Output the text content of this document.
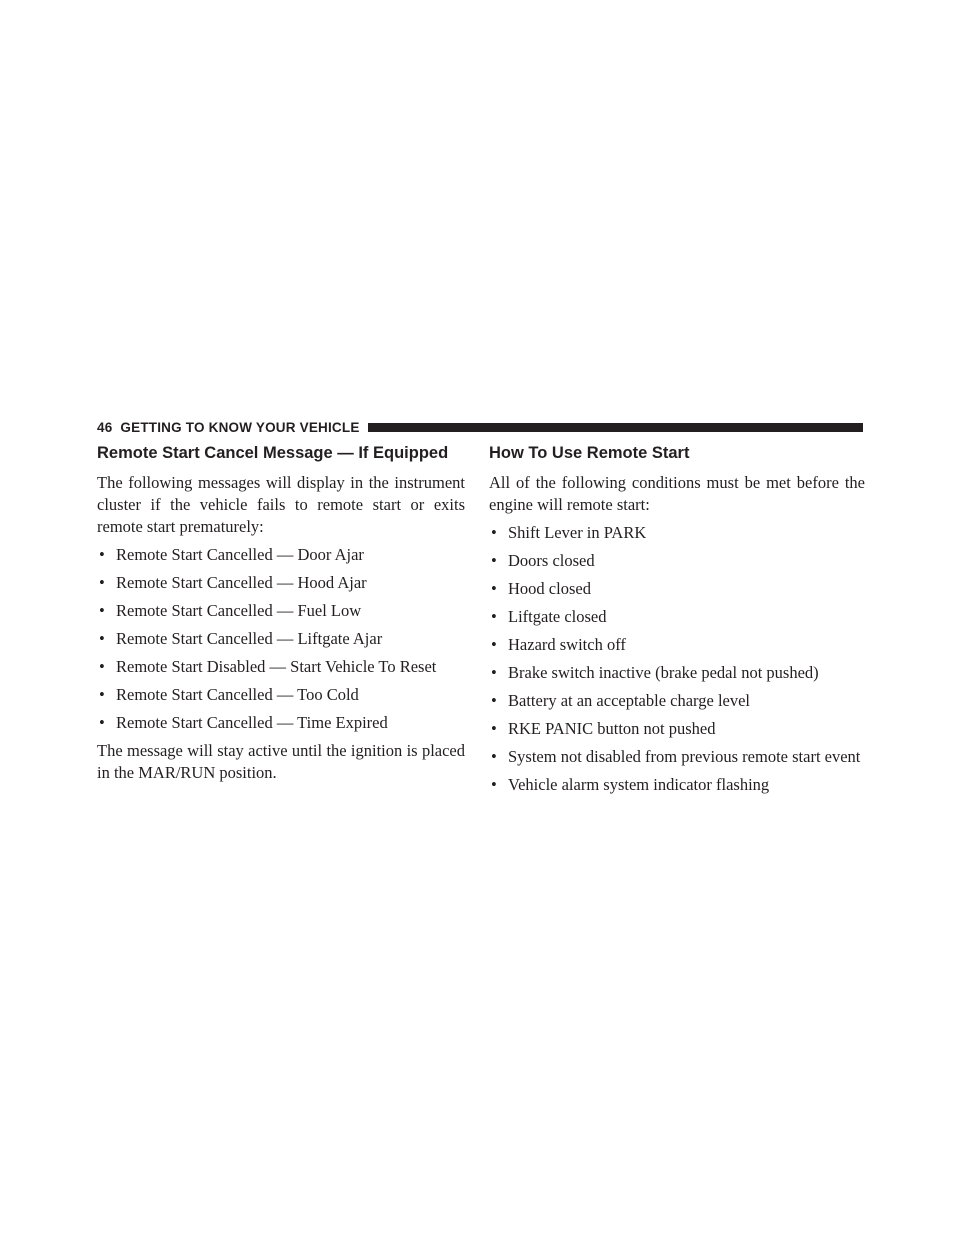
46 GETTING TO KNOW YOUR VEHICLE
Remote Start Cancel Message — If Equipped

The following messages will display in the instrument cluster if the vehicle fails to remote start or exits remote start prematurely:

• Remote Start Cancelled — Door Ajar
• Remote Start Cancelled — Hood Ajar
• Remote Start Cancelled — Fuel Low
• Remote Start Cancelled — Liftgate Ajar
• Remote Start Disabled — Start Vehicle To Reset
• Remote Start Cancelled — Too Cold
• Remote Start Cancelled — Time Expired

The message will stay active until the ignition is placed in the MAR/RUN position.

How To Use Remote Start

All of the following conditions must be met before the engine will remote start:

• Shift Lever in PARK
• Doors closed
• Hood closed
• Liftgate closed
• Hazard switch off
• Brake switch inactive (brake pedal not pushed)
• Battery at an acceptable charge level
• RKE PANIC button not pushed
• System not disabled from previous remote start event
• Vehicle alarm system indicator flashing
